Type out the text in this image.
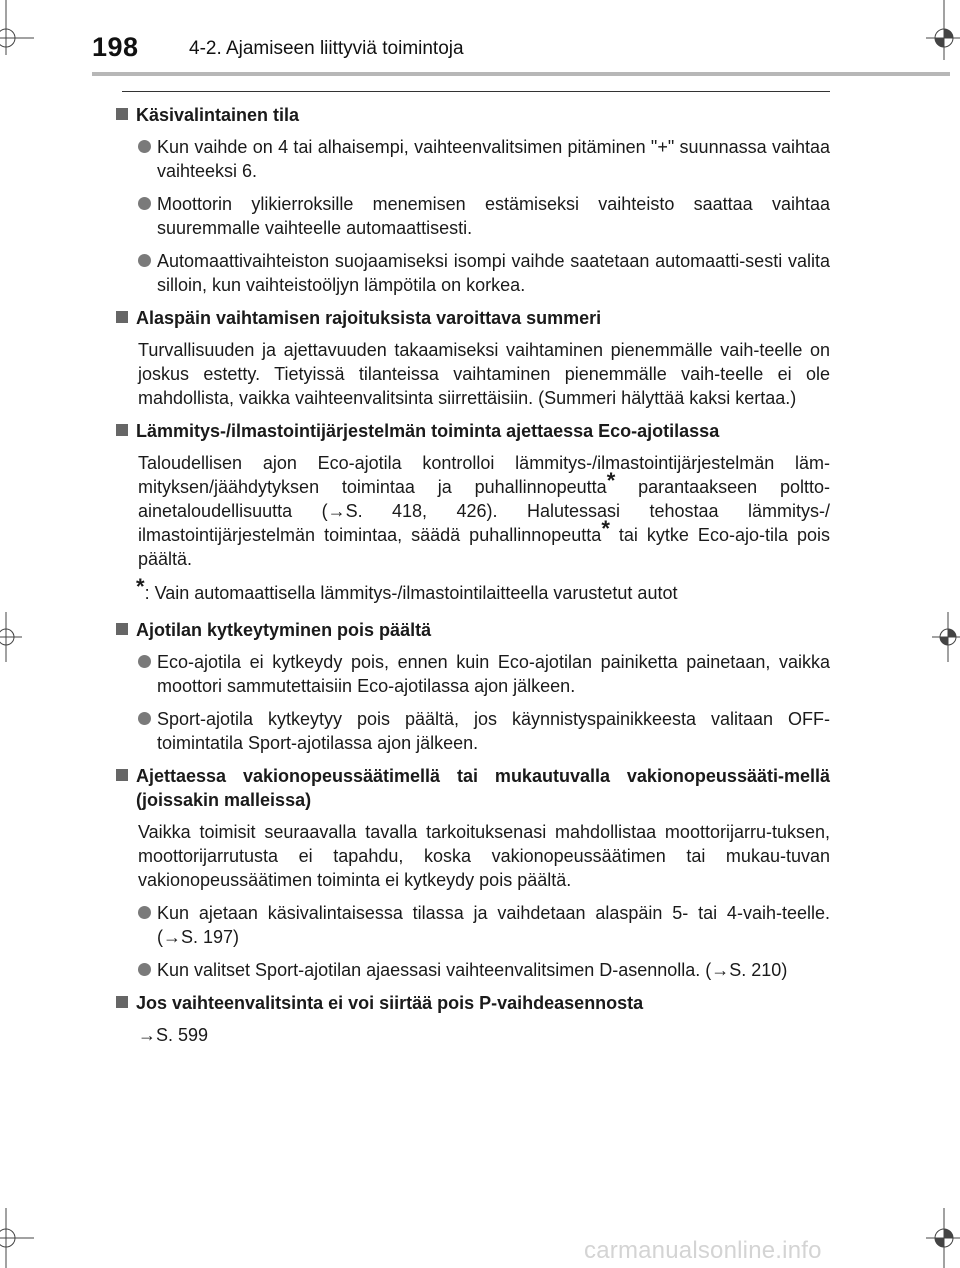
198	4-2. Ajamiseen liittyviä toimintoja
Käsivalintainen tila
Kun vaihde on 4 tai alhaisempi, vaihteenvalitsimen pitäminen "+" suunnassa vaihtaa vaihteeksi 6.
Moottorin ylikierroksille menemisen estämiseksi vaihteisto saattaa vaihtaa suuremmalle vaihteelle automaattisesti.
Automaattivaihteiston suojaamiseksi isompi vaihde saatetaan automaatti-sesti valita silloin, kun vaihteistoöljyn lämpötila on korkea.
Alaspäin vaihtamisen rajoituksista varoittava summeri
Turvallisuuden ja ajettavuuden takaamiseksi vaihtaminen pienemmälle vaih-teelle on joskus estetty. Tietyissä tilanteissa vaihtaminen pienemmälle vaih-teelle ei ole mahdollista, vaikka vaihteenvalitsinta siirrettäisiin. (Summeri hälyttää kaksi kertaa.)
Lämmitys-/ilmastointijärjestelmän toiminta ajettaessa Eco-ajotilassa
Taloudellisen ajon Eco-ajotila kontrolloi lämmitys-/ilmastointijärjestelmän läm-mityksen/jäähdytyksen toimintaa ja puhallinnopeutta* parantaakseen poltto-ainetaloudellisuutta (→S. 418, 426). Halutessasi tehostaa lämmitys-/ ilmastointijärjestelmän toimintaa, säädä puhallinnopeutta* tai kytke Eco-ajo-tila pois päältä.
*: Vain automaattisella lämmitys-/ilmastointilaitteella varustetut autot
Ajotilan kytkeytyminen pois päältä
Eco-ajotila ei kytkeydy pois, ennen kuin Eco-ajotilan painiketta painetaan, vaikka moottori sammutettaisiin Eco-ajotilassa ajon jälkeen.
Sport-ajotila kytkeytyy pois päältä, jos käynnistyspainikkeesta valitaan OFF-toimintatila Sport-ajotilassa ajon jälkeen.
Ajettaessa vakionopeussäätimellä tai mukautuvalla vakionopeussääti-mellä (joissakin malleissa)
Vaikka toimisit seuraavalla tavalla tarkoituksenasi mahdollistaa moottorijarru-tuksen, moottorijarrutusta ei tapahdu, koska vakionopeussäätimen tai mukau-tuvan vakionopeussäätimen toiminta ei kytkeydy pois päältä.
Kun ajetaan käsivalintaisessa tilassa ja vaihdetaan alaspäin 5- tai 4-vaih-teelle. (→S. 197)
Kun valitset Sport-ajotilan ajaessasi vaihteenvalitsimen D-asennolla. (→S. 210)
Jos vaihteenvalitsinta ei voi siirtää pois P-vaihdeasennosta
→S. 599
carmanualsonline.info
